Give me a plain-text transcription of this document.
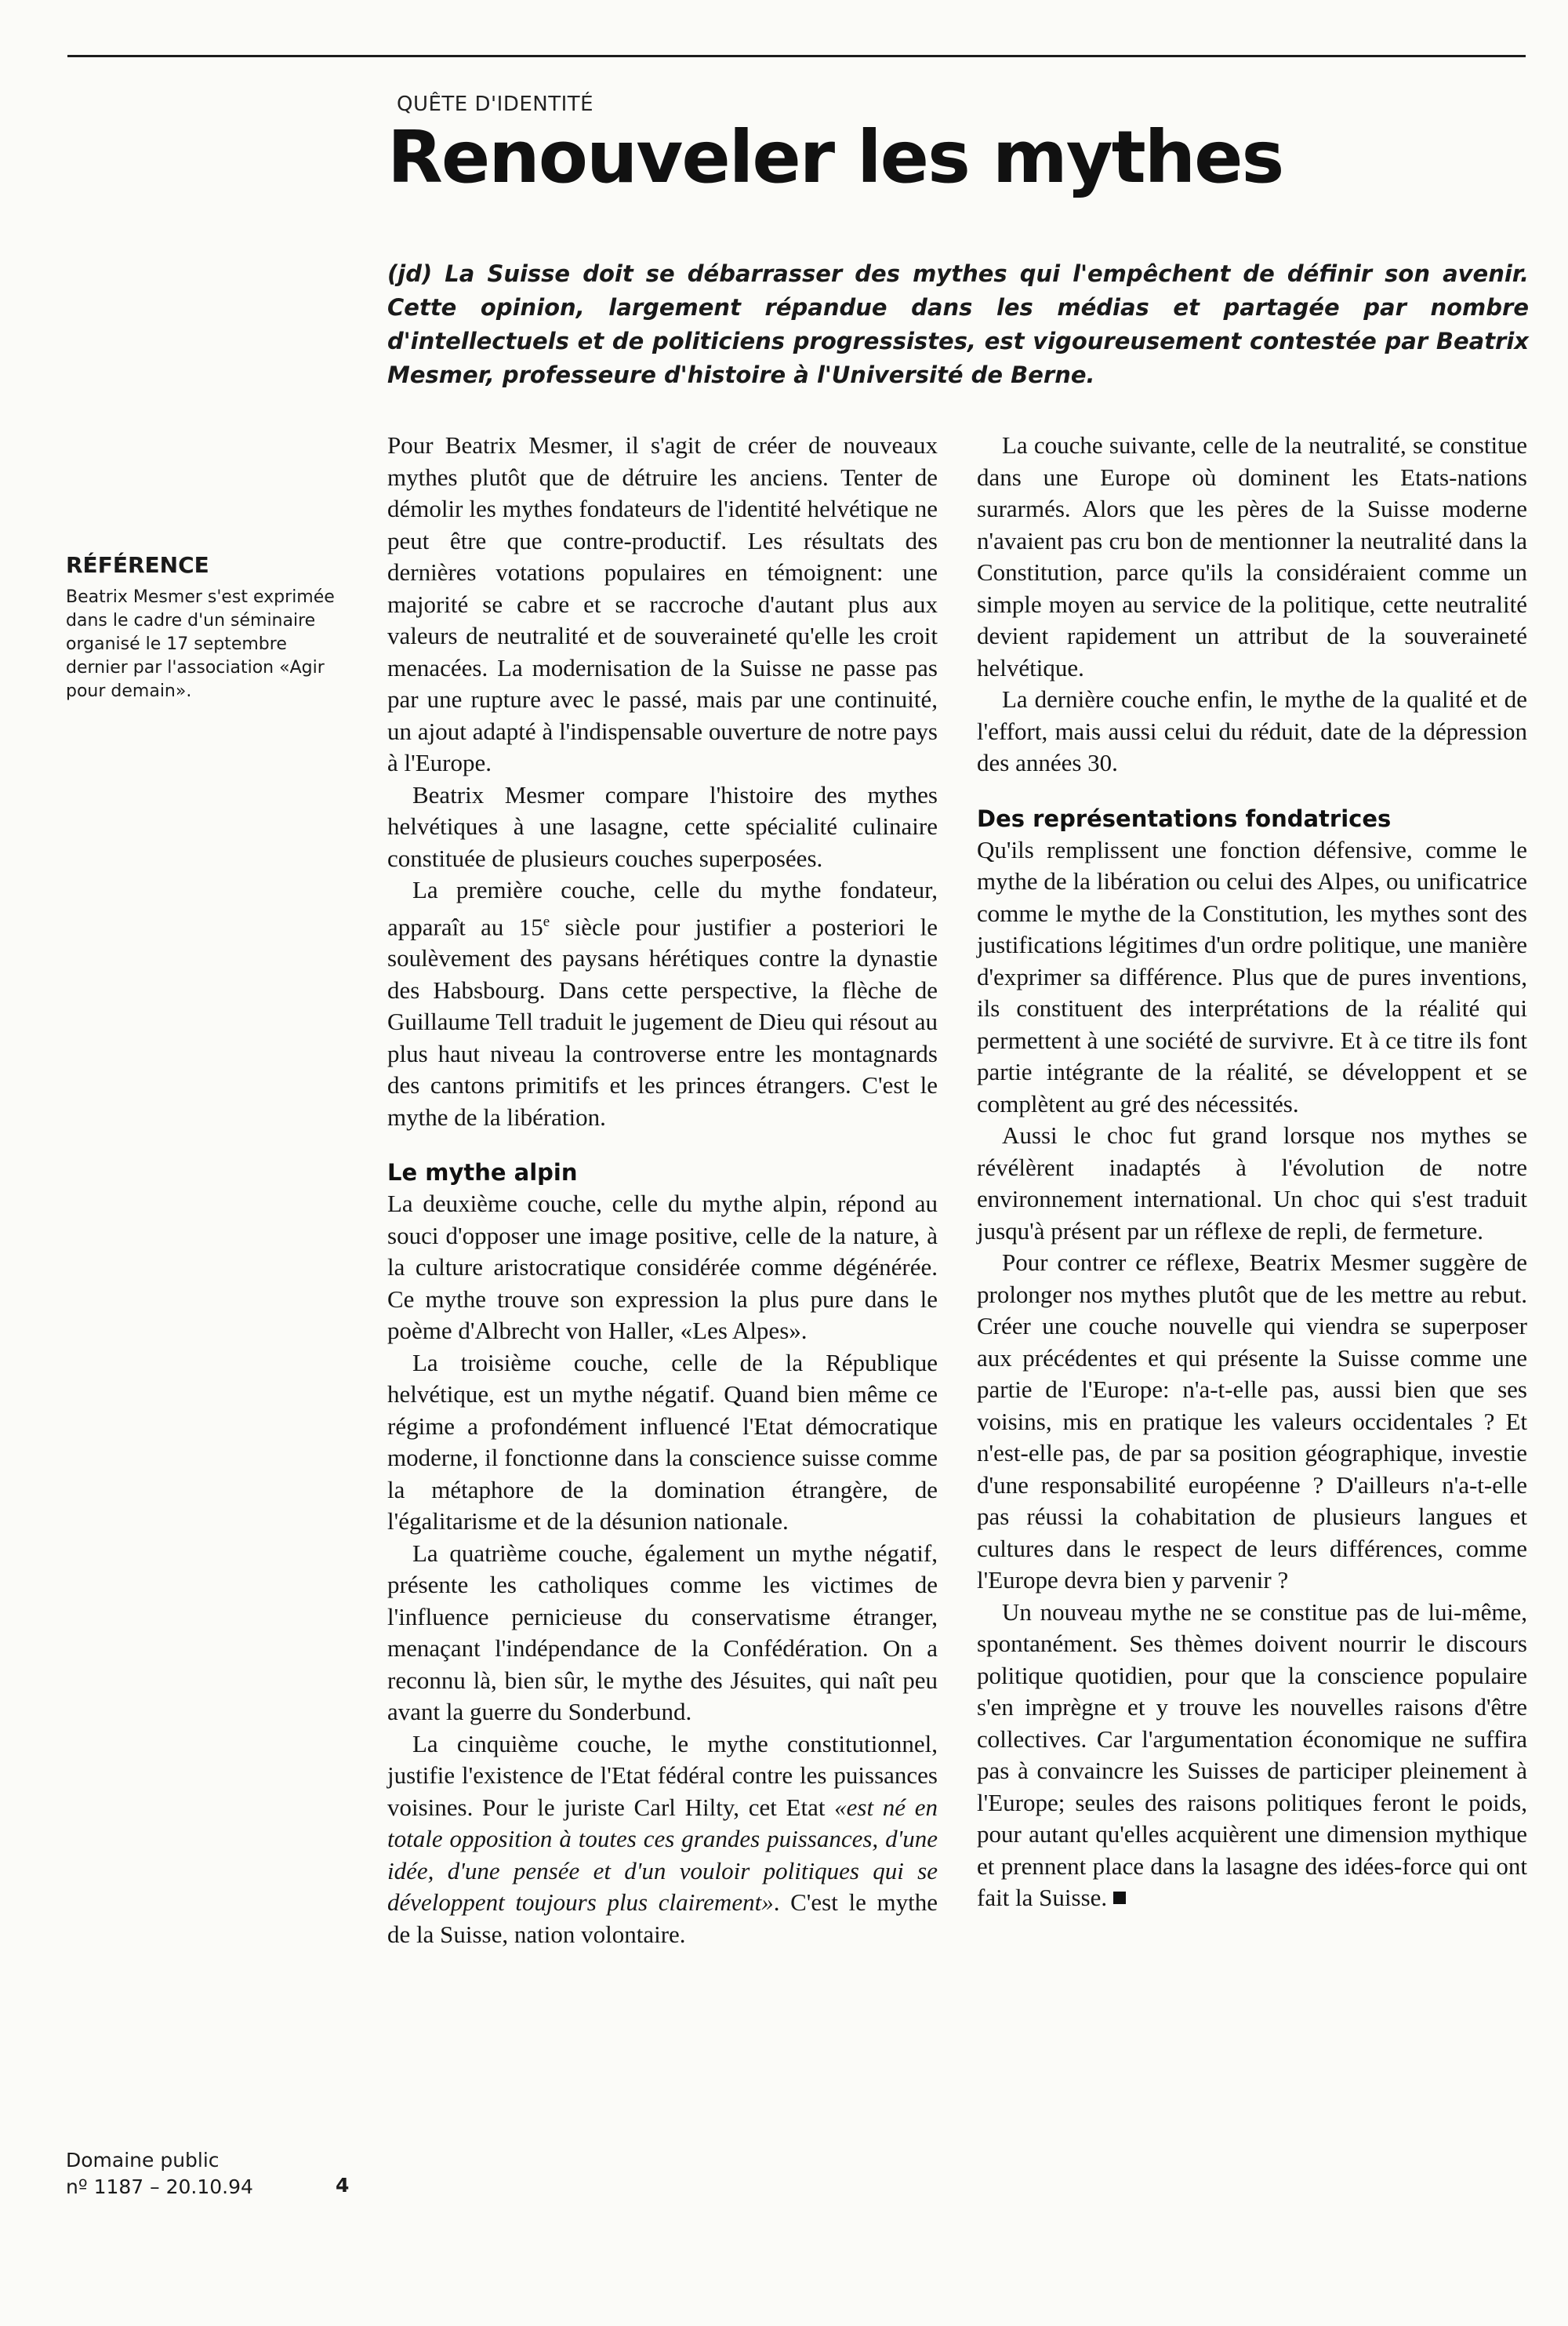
QUÊTE D'IDENTITÉ
Renouveler les mythes

(jd) La Suisse doit se débarrasser des mythes qui l'empêchent de définir son avenir. Cette opinion, largement répandue dans les médias et partagée par nombre d'intellectuels et de politiciens progressistes, est vigoureusement contestée par Beatrix Mesmer, professeure d'histoire à l'Université de Berne.

RÉFÉRENCE

Beatrix Mesmer s'est exprimée dans le cadre d'un séminaire organisé le 17 septembre dernier par l'association «Agir pour demain».

Pour Beatrix Mesmer, il s'agit de créer de nouveaux mythes plutôt que de détruire les anciens. Tenter de démolir les mythes fondateurs de l'identité helvétique ne peut être que contre-productif. Les résultats des dernières votations populaires en témoignent: une majorité se cabre et se raccroche d'autant plus aux valeurs de neutralité et de souveraineté qu'elle les croit menacées. La modernisation de la Suisse ne passe pas par une rupture avec le passé, mais par une continuité, un ajout adapté à l'indispensable ouverture de notre pays à l'Europe.

Beatrix Mesmer compare l'histoire des mythes helvétiques à une lasagne, cette spécialité culinaire constituée de plusieurs couches superposées.

La première couche, celle du mythe fondateur, apparaît au 15e siècle pour justifier a posteriori le soulèvement des paysans hérétiques contre la dynastie des Habsbourg. Dans cette perspective, la flèche de Guillaume Tell traduit le jugement de Dieu qui résout au plus haut niveau la controverse entre les montagnards des cantons primitifs et les princes étrangers. C'est le mythe de la libération.

Le mythe alpin

La deuxième couche, celle du mythe alpin, répond au souci d'opposer une image positive, celle de la nature, à la culture aristocratique considérée comme dégénérée. Ce mythe trouve son expression la plus pure dans le poème d'Albrecht von Haller, «Les Alpes».

La troisième couche, celle de la République helvétique, est un mythe négatif. Quand bien même ce régime a profondément influencé l'Etat démocratique moderne, il fonctionne dans la conscience suisse comme la métaphore de la domination étrangère, de l'égalitarisme et de la désunion nationale.

La quatrième couche, également un mythe négatif, présente les catholiques comme les victimes de l'influence pernicieuse du conservatisme étranger, menaçant l'indépendance de la Confédération. On a reconnu là, bien sûr, le mythe des Jésuites, qui naît peu avant la guerre du Sonderbund.

La cinquième couche, le mythe constitutionnel, justifie l'existence de l'Etat fédéral contre les puissances voisines. Pour le juriste Carl Hilty, cet Etat «est né en totale opposition à toutes ces grandes puissances, d'une idée, d'une pensée et d'un vouloir politiques qui se développent toujours plus clairement». C'est le mythe de la Suisse, nation volontaire.

La couche suivante, celle de la neutralité, se constitue dans une Europe où dominent les Etats-nations surarmés. Alors que les pères de la Suisse moderne n'avaient pas cru bon de mentionner la neutralité dans la Constitution, parce qu'ils la considéraient comme un simple moyen au service de la politique, cette neutralité devient rapidement un attribut de la souveraineté helvétique.

La dernière couche enfin, le mythe de la qualité et de l'effort, mais aussi celui du réduit, date de la dépression des années 30.

Des représentations fondatrices

Qu'ils remplissent une fonction défensive, comme le mythe de la libération ou celui des Alpes, ou unificatrice comme le mythe de la Constitution, les mythes sont des justifications légitimes d'un ordre politique, une manière d'exprimer sa différence. Plus que de pures inventions, ils constituent des interprétations de la réalité qui permettent à une société de survivre. Et à ce titre ils font partie intégrante de la réalité, se développent et se complètent au gré des nécessités.

Aussi le choc fut grand lorsque nos mythes se révélèrent inadaptés à l'évolution de notre environnement international. Un choc qui s'est traduit jusqu'à présent par un réflexe de repli, de fermeture.

Pour contrer ce réflexe, Beatrix Mesmer suggère de prolonger nos mythes plutôt que de les mettre au rebut. Créer une couche nouvelle qui viendra se superposer aux précédentes et qui présente la Suisse comme une partie de l'Europe: n'a-t-elle pas, aussi bien que ses voisins, mis en pratique les valeurs occidentales ? Et n'est-elle pas, de par sa position géographique, investie d'une responsabilité européenne ? D'ailleurs n'a-t-elle pas réussi la cohabitation de plusieurs langues et cultures dans le respect de leurs différences, comme l'Europe devra bien y parvenir ?

Un nouveau mythe ne se constitue pas de lui-même, spontanément. Ses thèmes doivent nourrir le discours politique quotidien, pour que la conscience populaire s'en imprègne et y trouve les nouvelles raisons d'être collectives. Car l'argumentation économique ne suffira pas à convaincre les Suisses de participer pleinement à l'Europe; seules des raisons politiques feront le poids, pour autant qu'elles acquièrent une dimension mythique et prennent place dans la lasagne des idées-force qui ont fait la Suisse.

Domaine public
nº 1187 – 20.10.94	4
